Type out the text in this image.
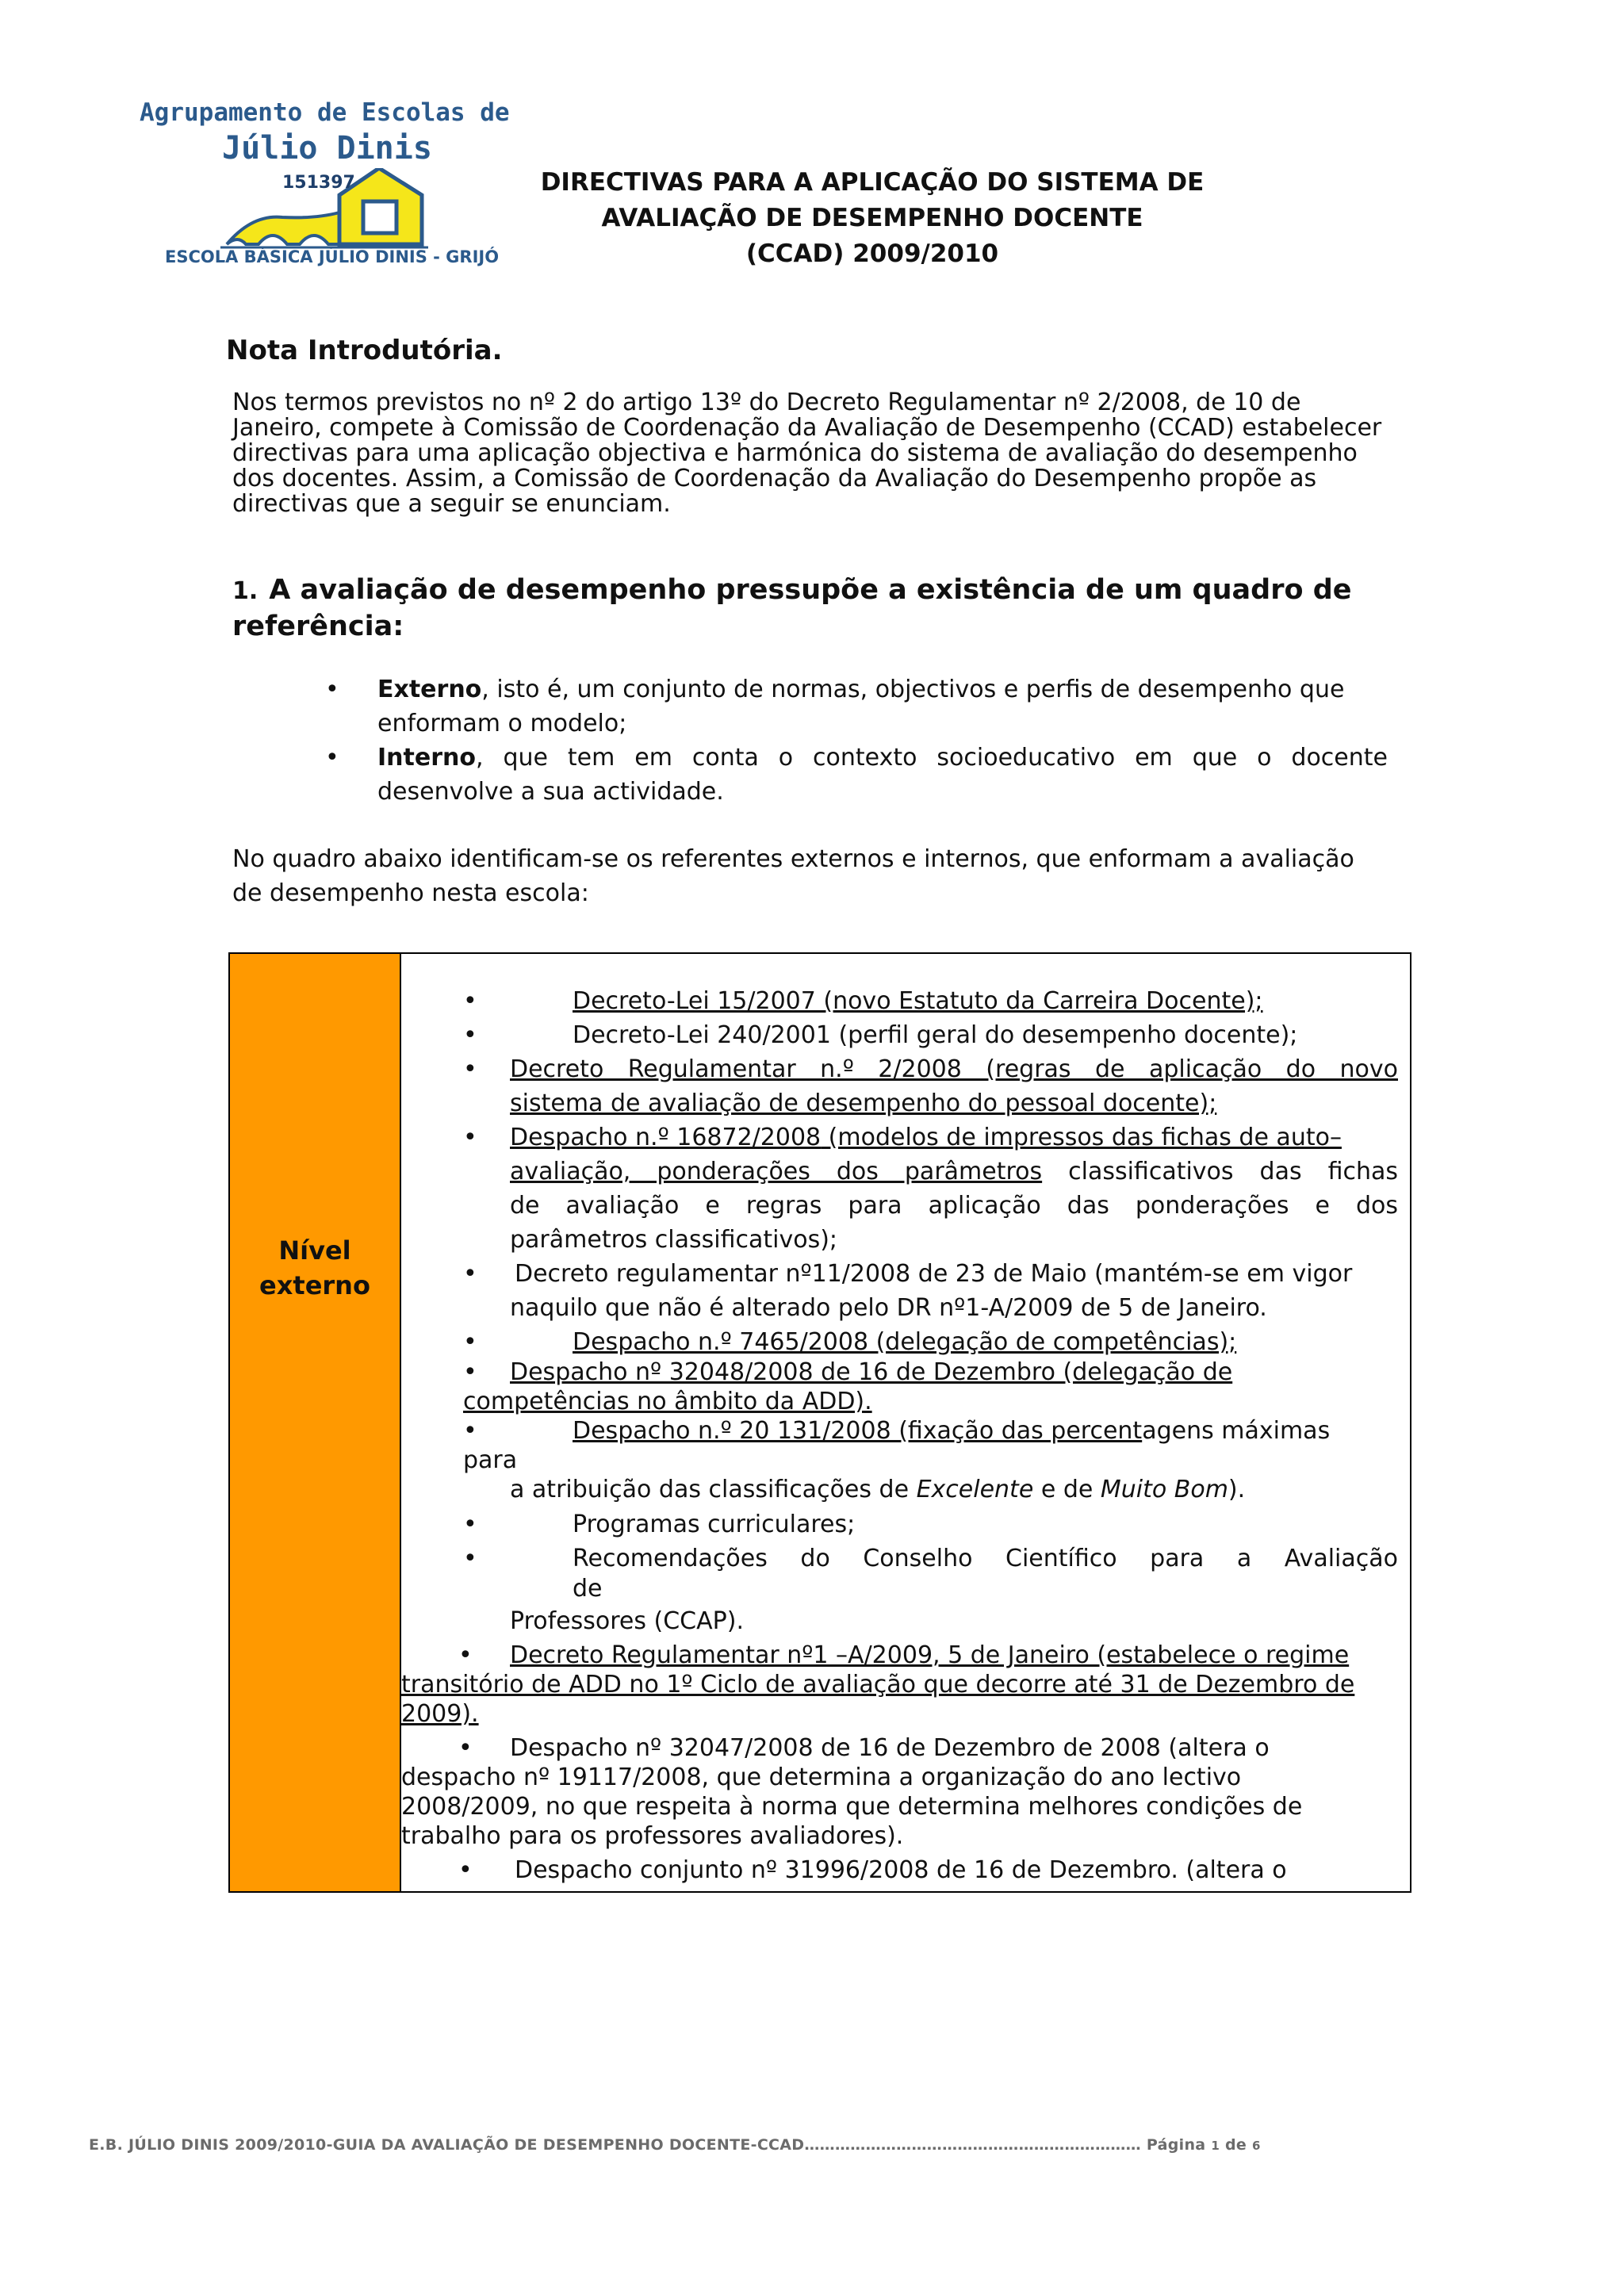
Agrupamento de Escolas de
Júlio Dinis
151397
ESCOLA BÁSICA JÚLIO DINIS - GRIJÓ
DIRECTIVAS PARA A APLICAÇÃO DO SISTEMA DE
AVALIAÇÃO DE DESEMPENHO DOCENTE
(CCAD) 2009/2010
Nota Introdutória.
Nos termos previstos no nº 2 do artigo 13º do Decreto Regulamentar nº 2/2008, de 10 de
Janeiro, compete à Comissão de Coordenação da Avaliação de Desempenho (CCAD) estabelecer
directivas para uma aplicação objectiva e harmónica do sistema de avaliação do desempenho
dos docentes. Assim, a Comissão de Coordenação da Avaliação do Desempenho propõe as
directivas que a seguir se enunciam.
1. A avaliação de desempenho pressupõe a existência de um quadro de referência:
• Externo, isto é, um conjunto de normas, objectivos e perfis de desempenho que
enformam o modelo;
• Interno, que tem em conta o contexto socioeducativo em que o docente
desenvolve a sua actividade.
No quadro abaixo identificam-se os referentes externos e internos, que enformam a avaliação
de desempenho nesta escola:
Nível
externo
•	Decreto-Lei 15/2007 (novo Estatuto da Carreira Docente);
•	Decreto-Lei 240/2001 (perfil geral do desempenho docente);
• Decreto Regulamentar n.º 2/2008 (regras de aplicação do novo
sistema de avaliação de desempenho do pessoal docente);
• Despacho n.º 16872/2008 (modelos de impressos das fichas de auto–
avaliação, ponderações dos parâmetros classificativos das fichas
de avaliação e regras para aplicação das ponderações e dos
parâmetros classificativos);
• Decreto regulamentar nº11/2008 de 23 de Maio (mantém-se em vigor
naquilo que não é alterado pelo DR nº1-A/2009 de 5 de Janeiro.
•	Despacho n.º 7465/2008 (delegação de competências);
• Despacho nº 32048/2008 de 16 de Dezembro (delegação de
competências no âmbito da ADD).
•	Despacho n.º 20 131/2008 (fixação das percentagens máximas
para
a atribuição das classificações de Excelente e de Muito Bom).
•	Programas curriculares;
•	Recomendações do Conselho Científico para a Avaliação
de
Professores (CCAP).
• Decreto Regulamentar nº1 –A/2009, 5 de Janeiro (estabelece o regime
transitório de ADD no 1º Ciclo de avaliação que decorre até 31 de Dezembro de
2009).
• Despacho nº 32047/2008 de 16 de Dezembro de 2008 (altera o
despacho nº 19117/2008, que determina a organização do ano lectivo
2008/2009, no que respeita à norma que determina melhores condições de
trabalho para os professores avaliadores).
• Despacho conjunto nº 31996/2008 de 16 de Dezembro. (altera o
E.B. JÚLIO DINIS 2009/2010-GUIA DA AVALIAÇÃO DE DESEMPENHO DOCENTE-CCAD………………………………………………………… Página 1 de 6
